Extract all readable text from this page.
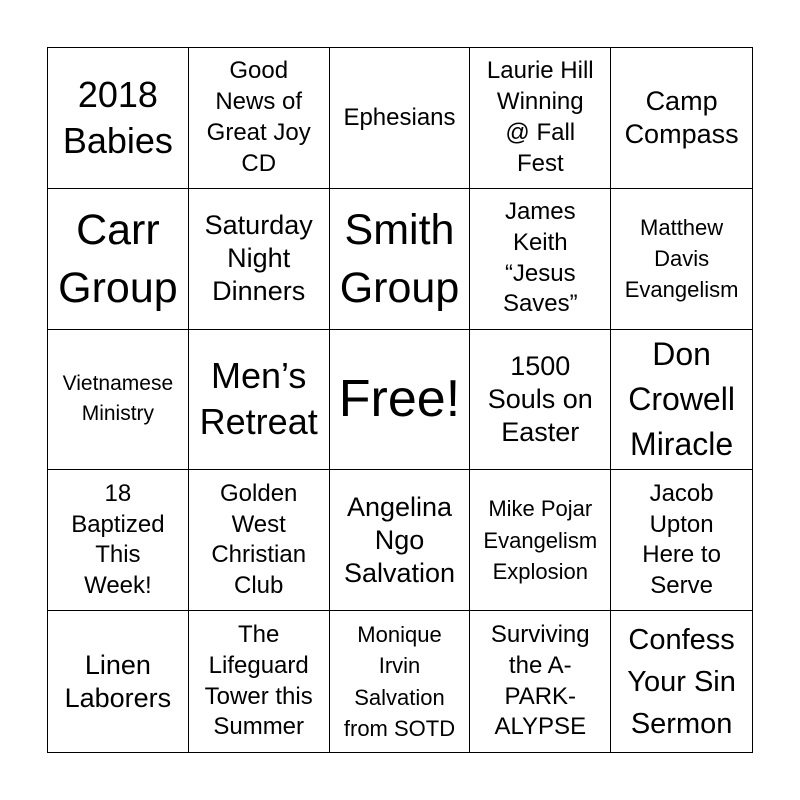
2018
Babies
Good
News of
Great Joy
CD
Ephesians
Laurie Hill
Winning
@ Fall
Fest
Camp
Compass
Carr
Group
Saturday
Night
Dinners
Smith
Group
James
Keith
“Jesus
Saves”
Matthew
Davis
Evangelism
Vietnamese
Ministry
Men’s
Retreat Free!
1500
Souls on
Easter
Don
Crowell
Miracle
18
Baptized
This
Week!
Golden
West
Christian
Club
Angelina
Ngo
Salvation
Mike Pojar
Evangelism
Explosion
Jacob
Upton
Here to
Serve
Linen
Laborers
The
Lifeguard
Tower this
Summer
Monique
Irvin
Salvation
from SOTD
Surviving
the A-
PARK-
ALYPSE
Confess
Your Sin
Sermon
